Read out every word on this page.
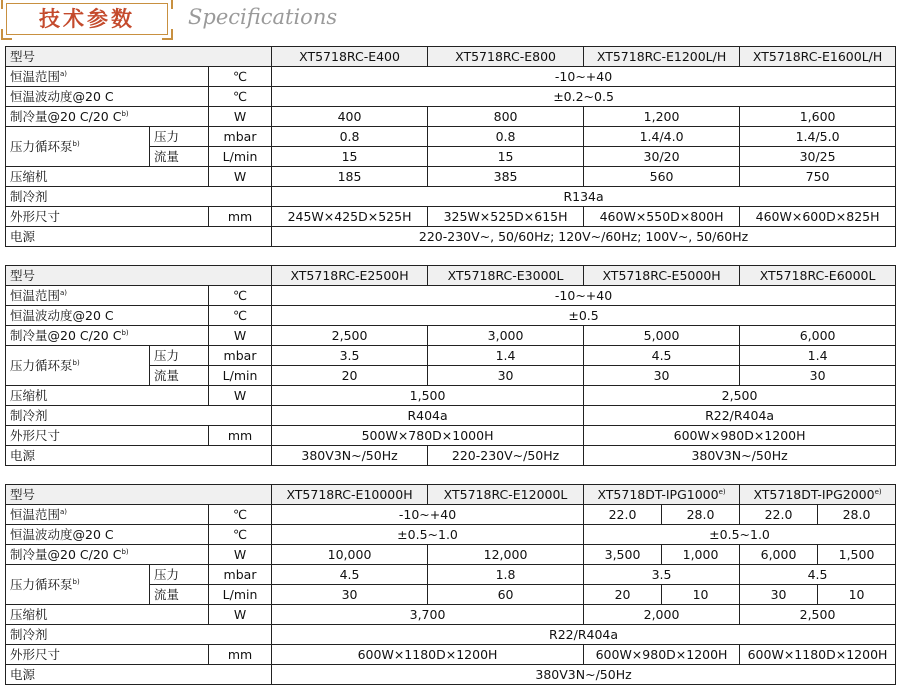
技术参数	Specifications
型号			XT5718RC-E400	XT5718RC-E800	XT5718RC-E1200L/H	XT5718RC-E1600L/H
恒温范围$^{a)}$		℃	-10~+40			
恒温波动度@20 C		℃	±0.2~0.5			
制冷量@20 C/20 $C^{b)}$		W	400	800	1,200	1,600
压力循环泵$^{b)}$	压力	mbar	0.8	0.8	1.4/4.0	1.4/5.0
	流量	L/min	15	15	30/20	30/25
压缩机		W	185	385	560	750
制冷剂			R134a			
外形尺寸		mm	245W×425D×525H	325W×525D×615H	460W×550D×800H	460W×600D×825H
电源			220-230V~, 50/60Hz; 120V~/60Hz; 100V~, 50/60Hz			
型号			XT5718RC-E2500H	XT5718RC-E3000L	XT5718RC-E5000H	XT5718RC-E6000L
恒温范围$^{a)}$		℃	-10~+40			
恒温波动度@20 C		℃	±0.5			
制冷量@20 C/20 $C^{b)}$		W	2,500	3,000	5,000	6,000
压力循环泵$^{b)}$	压力	mbar	3.5	1.4	4.5	1.4
	流量	L/min	20	30	30	30
压缩机		W	1,500		2,500	
制冷剂			R404a		R22/R404a	
外形尺寸		mm	500W×780D×1000H		600W×980D×1200H	
电源			380V3N~/50Hz	220-230V~/50Hz	380V3N~/50Hz	
型号			XT5718RC-E10000H	XT5718RC-E12000L	XT5718DT-IPG1000$^{e)}$		XT5718DT-IPG2000$^{e)}$
恒温范围$^{a)}$		℃	-10~+40		22.0	28.0	22.0	28.0
恒温波动度@20 C		℃	±0.5~1.0		±0.5~1.0			
制冷量@20 C/20 $C^{b)}$		W	10,000	12,000	3,500	1,000	6,000	1,500
压力循环泵$^{b)}$	压力	mbar	4.5	1.8	3.5		4.5	
	流量	L/min	30	60	20	10	30	10
压缩机		W	3,700		2,000		2,500	
制冷剂			R22/R404a					
外形尺寸		mm	600W×1180D×1200H		600W×980D×1200H		600W×1180D×1200H	
电源			380V3N~/50Hz					
